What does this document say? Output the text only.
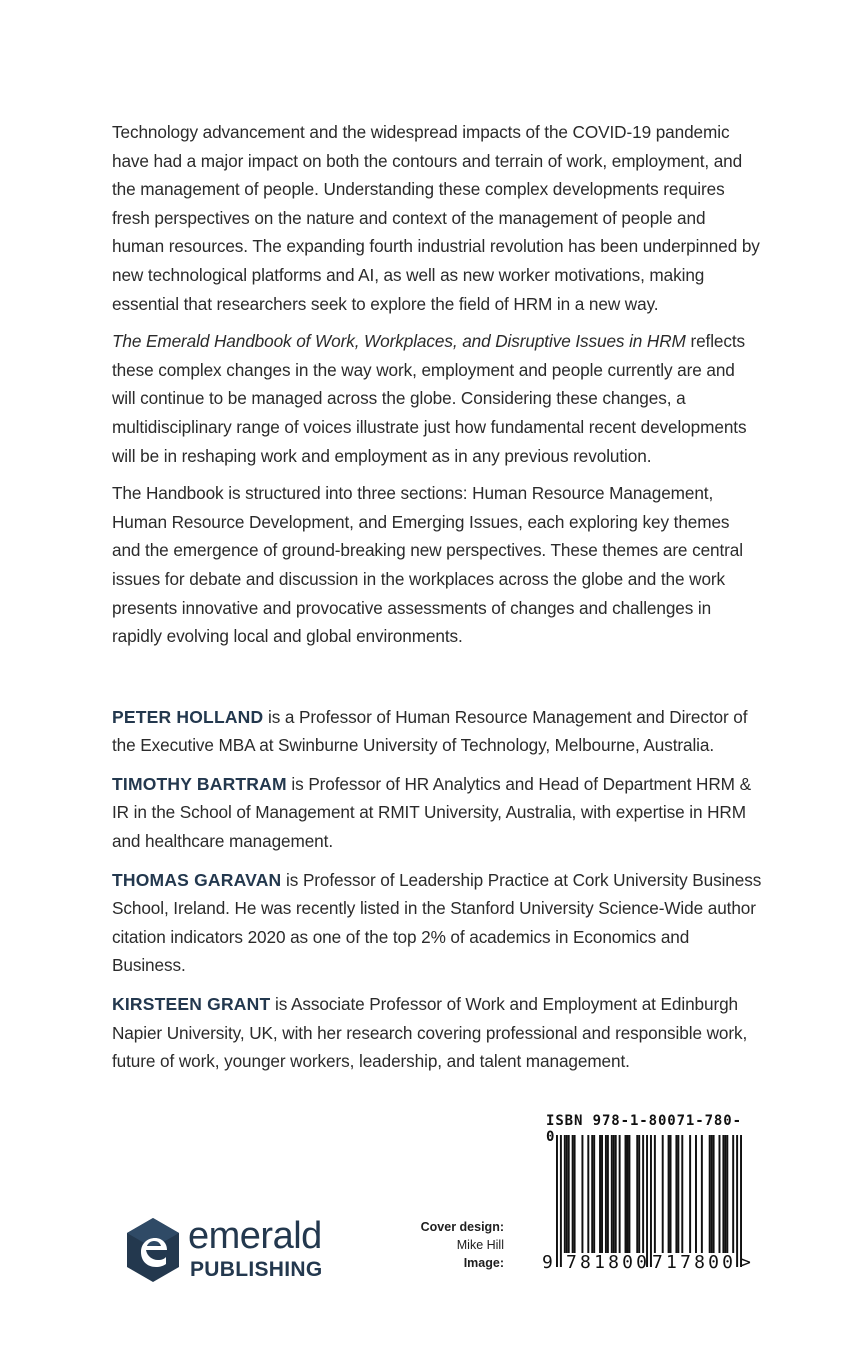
Technology advancement and the widespread impacts of the COVID-19 pandemic have had a major impact on both the contours and terrain of work, employment, and the management of people. Understanding these complex developments requires fresh perspectives on the nature and context of the management of people and human resources. The expanding fourth industrial revolution has been underpinned by new technological platforms and AI, as well as new worker motivations, making essential that researchers seek to explore the field of HRM in a new way.

The Emerald Handbook of Work, Workplaces, and Disruptive Issues in HRM reflects these complex changes in the way work, employment and people currently are and will continue to be managed across the globe. Considering these changes, a multidisciplinary range of voices illustrate just how fundamental recent developments will be in reshaping work and employment as in any previous revolution.

The Handbook is structured into three sections: Human Resource Management, Human Resource Development, and Emerging Issues, each exploring key themes and the emergence of ground-breaking new perspectives. These themes are central issues for debate and discussion in the workplaces across the globe and the work presents innovative and provocative assessments of changes and challenges in rapidly evolving local and global environments.

PETER HOLLAND is a Professor of Human Resource Management and Director of the Executive MBA at Swinburne University of Technology, Melbourne, Australia.

TIMOTHY BARTRAM is Professor of HR Analytics and Head of Department HRM & IR in the School of Management at RMIT University, Australia, with expertise in HRM and healthcare management.

THOMAS GARAVAN is Professor of Leadership Practice at Cork University Business School, Ireland. He was recently listed in the Stanford University Science-Wide author citation indicators 2020 as one of the top 2% of academics in Economics and Business.

KIRSTEEN GRANT is Associate Professor of Work and Employment at Edinburgh Napier University, UK, with her research covering professional and responsible work, future of work, younger workers, leadership, and talent management.

emerald
PUBLISHING
Cover design:
Mike Hill
Image:
ISBN 978-1-80071-780-0
9 781800 717800 >
